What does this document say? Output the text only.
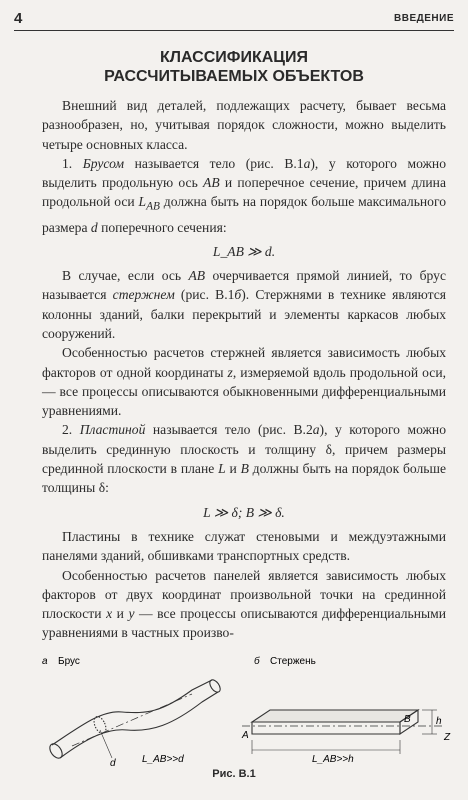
4	ВВЕДЕНИЕ
КЛАССИФИКАЦИЯ
РАССЧИТЫВАЕМЫХ ОБЪЕКТОВ

Внешний вид деталей, подлежащих расчету, бывает весьма разнообразен, но, учитывая порядок сложности, можно выделить четыре основных класса.

1. Брусом называется тело (рис. В.1а), у которого можно выделить продольную ось AB и поперечное сечение, причем длина продольной оси $L_{AB}$ должна быть на порядок больше максимального размера d поперечного сечения:

L_AB ≫ d.

В случае, если ось AB очерчивается прямой линией, то брус называется стержнем (рис. В.1б). Стержнями в технике являются колонны зданий, балки перекрытий и элементы каркасов любых сооружений.

Особенностью расчетов стержней является зависимость любых факторов от одной координаты z, измеряемой вдоль продольной оси, — все процессы описываются обыкновенными дифференциальными уравнениями.

2. Пластиной называется тело (рис. В.2а), у которого можно выделить срединную плоскость и толщину δ, причем размеры срединной плоскости в плане L и B должны быть на порядок больше толщины δ:

L ≫ δ; B ≫ δ.

Пластины в технике служат стеновыми и междуэтажными панелями зданий, обшивками транспортных средств.

Особенностью расчетов панелей является зависимость любых факторов от двух координат произвольной точки на срединной плоскости x и y — все процессы описываются дифференциальными уравнениями в частных произво-

а Брус	б Стержень
d	L_AB>>d
A
B	h
Z
L_AB>>h
Рис. В.1
